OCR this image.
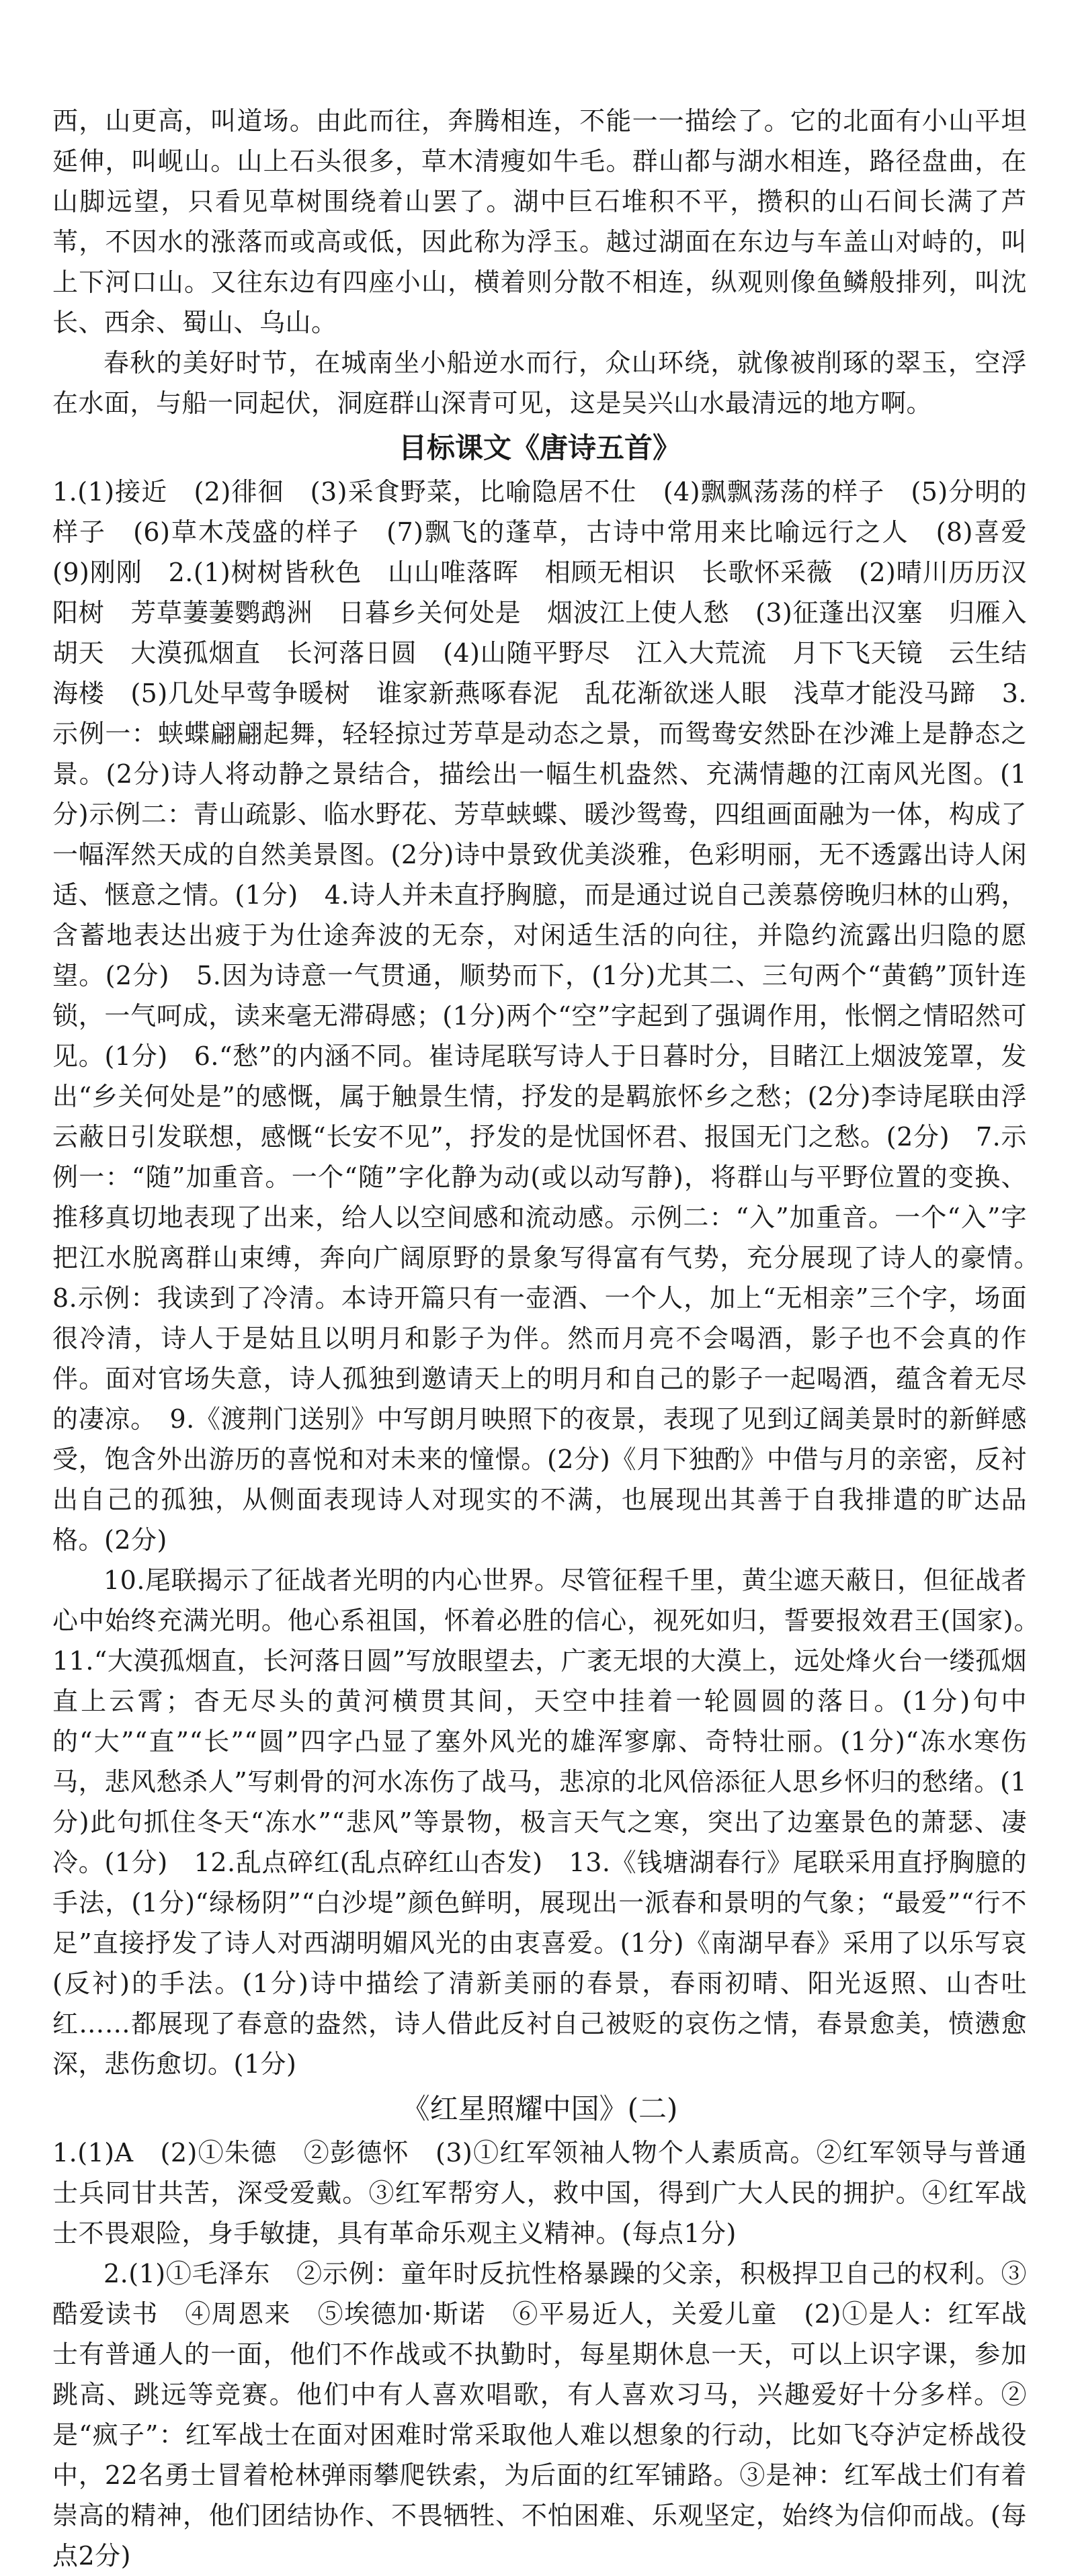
西，山更高，叫道场。由此而往，奔腾相连，不能一一描绘了。它的北面有小山平坦延伸，叫岘山。山上石头很多，草木清瘦如牛毛。群山都与湖水相连，路径盘曲，在山脚远望，只看见草树围绕着山罢了。湖中巨石堆积不平，攒积的山石间长满了芦苇，不因水的涨落而或高或低，因此称为浮玉。越过湖面在东边与车盖山对峙的，叫上下河口山。又往东边有四座小山，横着则分散不相连，纵观则像鱼鳞般排列，叫沈长、西余、蜀山、乌山。

春秋的美好时节，在城南坐小船逆水而行，众山环绕，就像被削琢的翠玉，空浮在水面，与船一同起伏，洞庭群山深青可见，这是吴兴山水最清远的地方啊。

目标课文《唐诗五首》

1.(1)接近　(2)徘徊　(3)采食野菜，比喻隐居不仕　(4)飘飘荡荡的样子　(5)分明的样子　(6)草木茂盛的样子　(7)飘飞的蓬草，古诗中常用来比喻远行之人　(8)喜爱　(9)刚刚　2.(1)树树皆秋色　山山唯落晖　相顾无相识　长歌怀采薇　(2)晴川历历汉阳树　芳草萋萋鹦鹉洲　日暮乡关何处是　烟波江上使人愁　(3)征蓬出汉塞　归雁入胡天　大漠孤烟直　长河落日圆　(4)山随平野尽　江入大荒流　月下飞天镜　云生结海楼　(5)几处早莺争暖树　谁家新燕啄春泥　乱花渐欲迷人眼　浅草才能没马蹄　3.示例一：蛱蝶翩翩起舞，轻轻掠过芳草是动态之景，而鸳鸯安然卧在沙滩上是静态之景。(2分)诗人将动静之景结合，描绘出一幅生机盎然、充满情趣的江南风光图。(1分)示例二：青山疏影、临水野花、芳草蛱蝶、暖沙鸳鸯，四组画面融为一体，构成了一幅浑然天成的自然美景图。(2分)诗中景致优美淡雅，色彩明丽，无不透露出诗人闲适、惬意之情。(1分)　4.诗人并未直抒胸臆，而是通过说自己羡慕傍晚归林的山鸦，含蓄地表达出疲于为仕途奔波的无奈，对闲适生活的向往，并隐约流露出归隐的愿望。(2分)　5.因为诗意一气贯通，顺势而下，(1分)尤其二、三句两个“黄鹤”顶针连锁，一气呵成，读来毫无滞碍感；(1分)两个“空”字起到了强调作用，怅惘之情昭然可见。(1分)　6.“愁”的内涵不同。崔诗尾联写诗人于日暮时分，目睹江上烟波笼罩，发出“乡关何处是”的感慨，属于触景生情，抒发的是羁旅怀乡之愁；(2分)李诗尾联由浮云蔽日引发联想，感慨“长安不见”，抒发的是忧国怀君、报国无门之愁。(2分)　7.示例一：“随”加重音。一个“随”字化静为动(或以动写静)，将群山与平野位置的变换、推移真切地表现了出来，给人以空间感和流动感。示例二：“入”加重音。一个“入”字把江水脱离群山束缚，奔向广阔原野的景象写得富有气势，充分展现了诗人的豪情。　8.示例：我读到了冷清。本诗开篇只有一壶酒、一个人，加上“无相亲”三个字，场面很冷清，诗人于是姑且以明月和影子为伴。然而月亮不会喝酒，影子也不会真的作伴。面对官场失意，诗人孤独到邀请天上的明月和自己的影子一起喝酒，蕴含着无尽的凄凉。　9.《渡荆门送别》中写朗月映照下的夜景，表现了见到辽阔美景时的新鲜感受，饱含外出游历的喜悦和对未来的憧憬。(2分)《月下独酌》中借与月的亲密，反衬出自己的孤独，从侧面表现诗人对现实的不满，也展现出其善于自我排遣的旷达品格。(2分)

10.尾联揭示了征战者光明的内心世界。尽管征程千里，黄尘遮天蔽日，但征战者心中始终充满光明。他心系祖国，怀着必胜的信心，视死如归，誓要报效君王(国家)。　11.“大漠孤烟直，长河落日圆”写放眼望去，广袤无垠的大漠上，远处烽火台一缕孤烟直上云霄；杳无尽头的黄河横贯其间，天空中挂着一轮圆圆的落日。(1分)句中的“大”“直”“长”“圆”四字凸显了塞外风光的雄浑寥廓、奇特壮丽。(1分)“冻水寒伤马，悲风愁杀人”写刺骨的河水冻伤了战马，悲凉的北风倍添征人思乡怀归的愁绪。(1分)此句抓住冬天“冻水”“悲风”等景物，极言天气之寒，突出了边塞景色的萧瑟、凄冷。(1分)　12.乱点碎红(乱点碎红山杏发)　13.《钱塘湖春行》尾联采用直抒胸臆的手法，(1分)“绿杨阴”“白沙堤”颜色鲜明，展现出一派春和景明的气象；“最爱”“行不足”直接抒发了诗人对西湖明媚风光的由衷喜爱。(1分)《南湖早春》采用了以乐写哀(反衬)的手法。(1分)诗中描绘了清新美丽的春景，春雨初晴、阳光返照、山杏吐红……都展现了春意的盎然，诗人借此反衬自己被贬的哀伤之情，春景愈美，愤懑愈深，悲伤愈切。(1分)

《红星照耀中国》(二)

1.(1)A　(2)①朱德　②彭德怀　(3)①红军领袖人物个人素质高。②红军领导与普通士兵同甘共苦，深受爱戴。③红军帮穷人，救中国，得到广大人民的拥护。④红军战士不畏艰险，身手敏捷，具有革命乐观主义精神。(每点1分)

2.(1)①毛泽东　②示例：童年时反抗性格暴躁的父亲，积极捍卫自己的权利。③酷爱读书　④周恩来　⑤埃德加·斯诺　⑥平易近人，关爱儿童　(2)①是人：红军战士有普通人的一面，他们不作战或不执勤时，每星期休息一天，可以上识字课，参加跳高、跳远等竞赛。他们中有人喜欢唱歌，有人喜欢习马，兴趣爱好十分多样。②是“疯子”：红军战士在面对困难时常采取他人难以想象的行动，比如飞夺泸定桥战役中，22名勇士冒着枪林弹雨攀爬铁索，为后面的红军铺路。③是神：红军战士们有着崇高的精神，他们团结协作、不畏牺牲、不怕困难、乐观坚定，始终为信仰而战。(每点2分)
